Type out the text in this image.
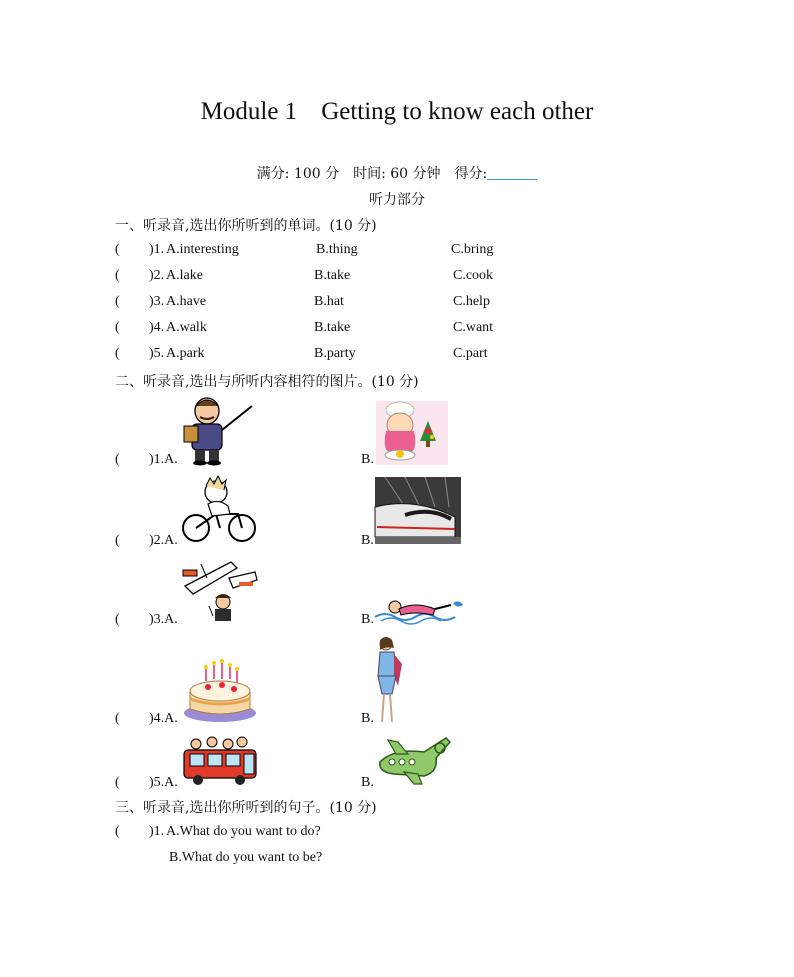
Module 1 Getting to know each other
满分: 100 分 时间: 60 分钟 得分:
听力部分
一、听录音,选出你所听到的单词。(10 分)
( )1. A.interesting	B.thing	C.bring
( )2. A.lake	B.take	C.cook
( )3. A.have	B.hat	C.help
( )4. A.walk	B.take	C.want
( )5. A.park	B.party	C.part
二、听录音,选出与所听内容相符的图片。(10 分)
( )1.A.	B.
( )2.A.	B.
( )3.A.	B.
( )4.A.	B.
( )5.A.	B.
三、听录音,选出你所听到的句子。(10 分)
( )1. A.What do you want to do?
B.What do you want to be?
